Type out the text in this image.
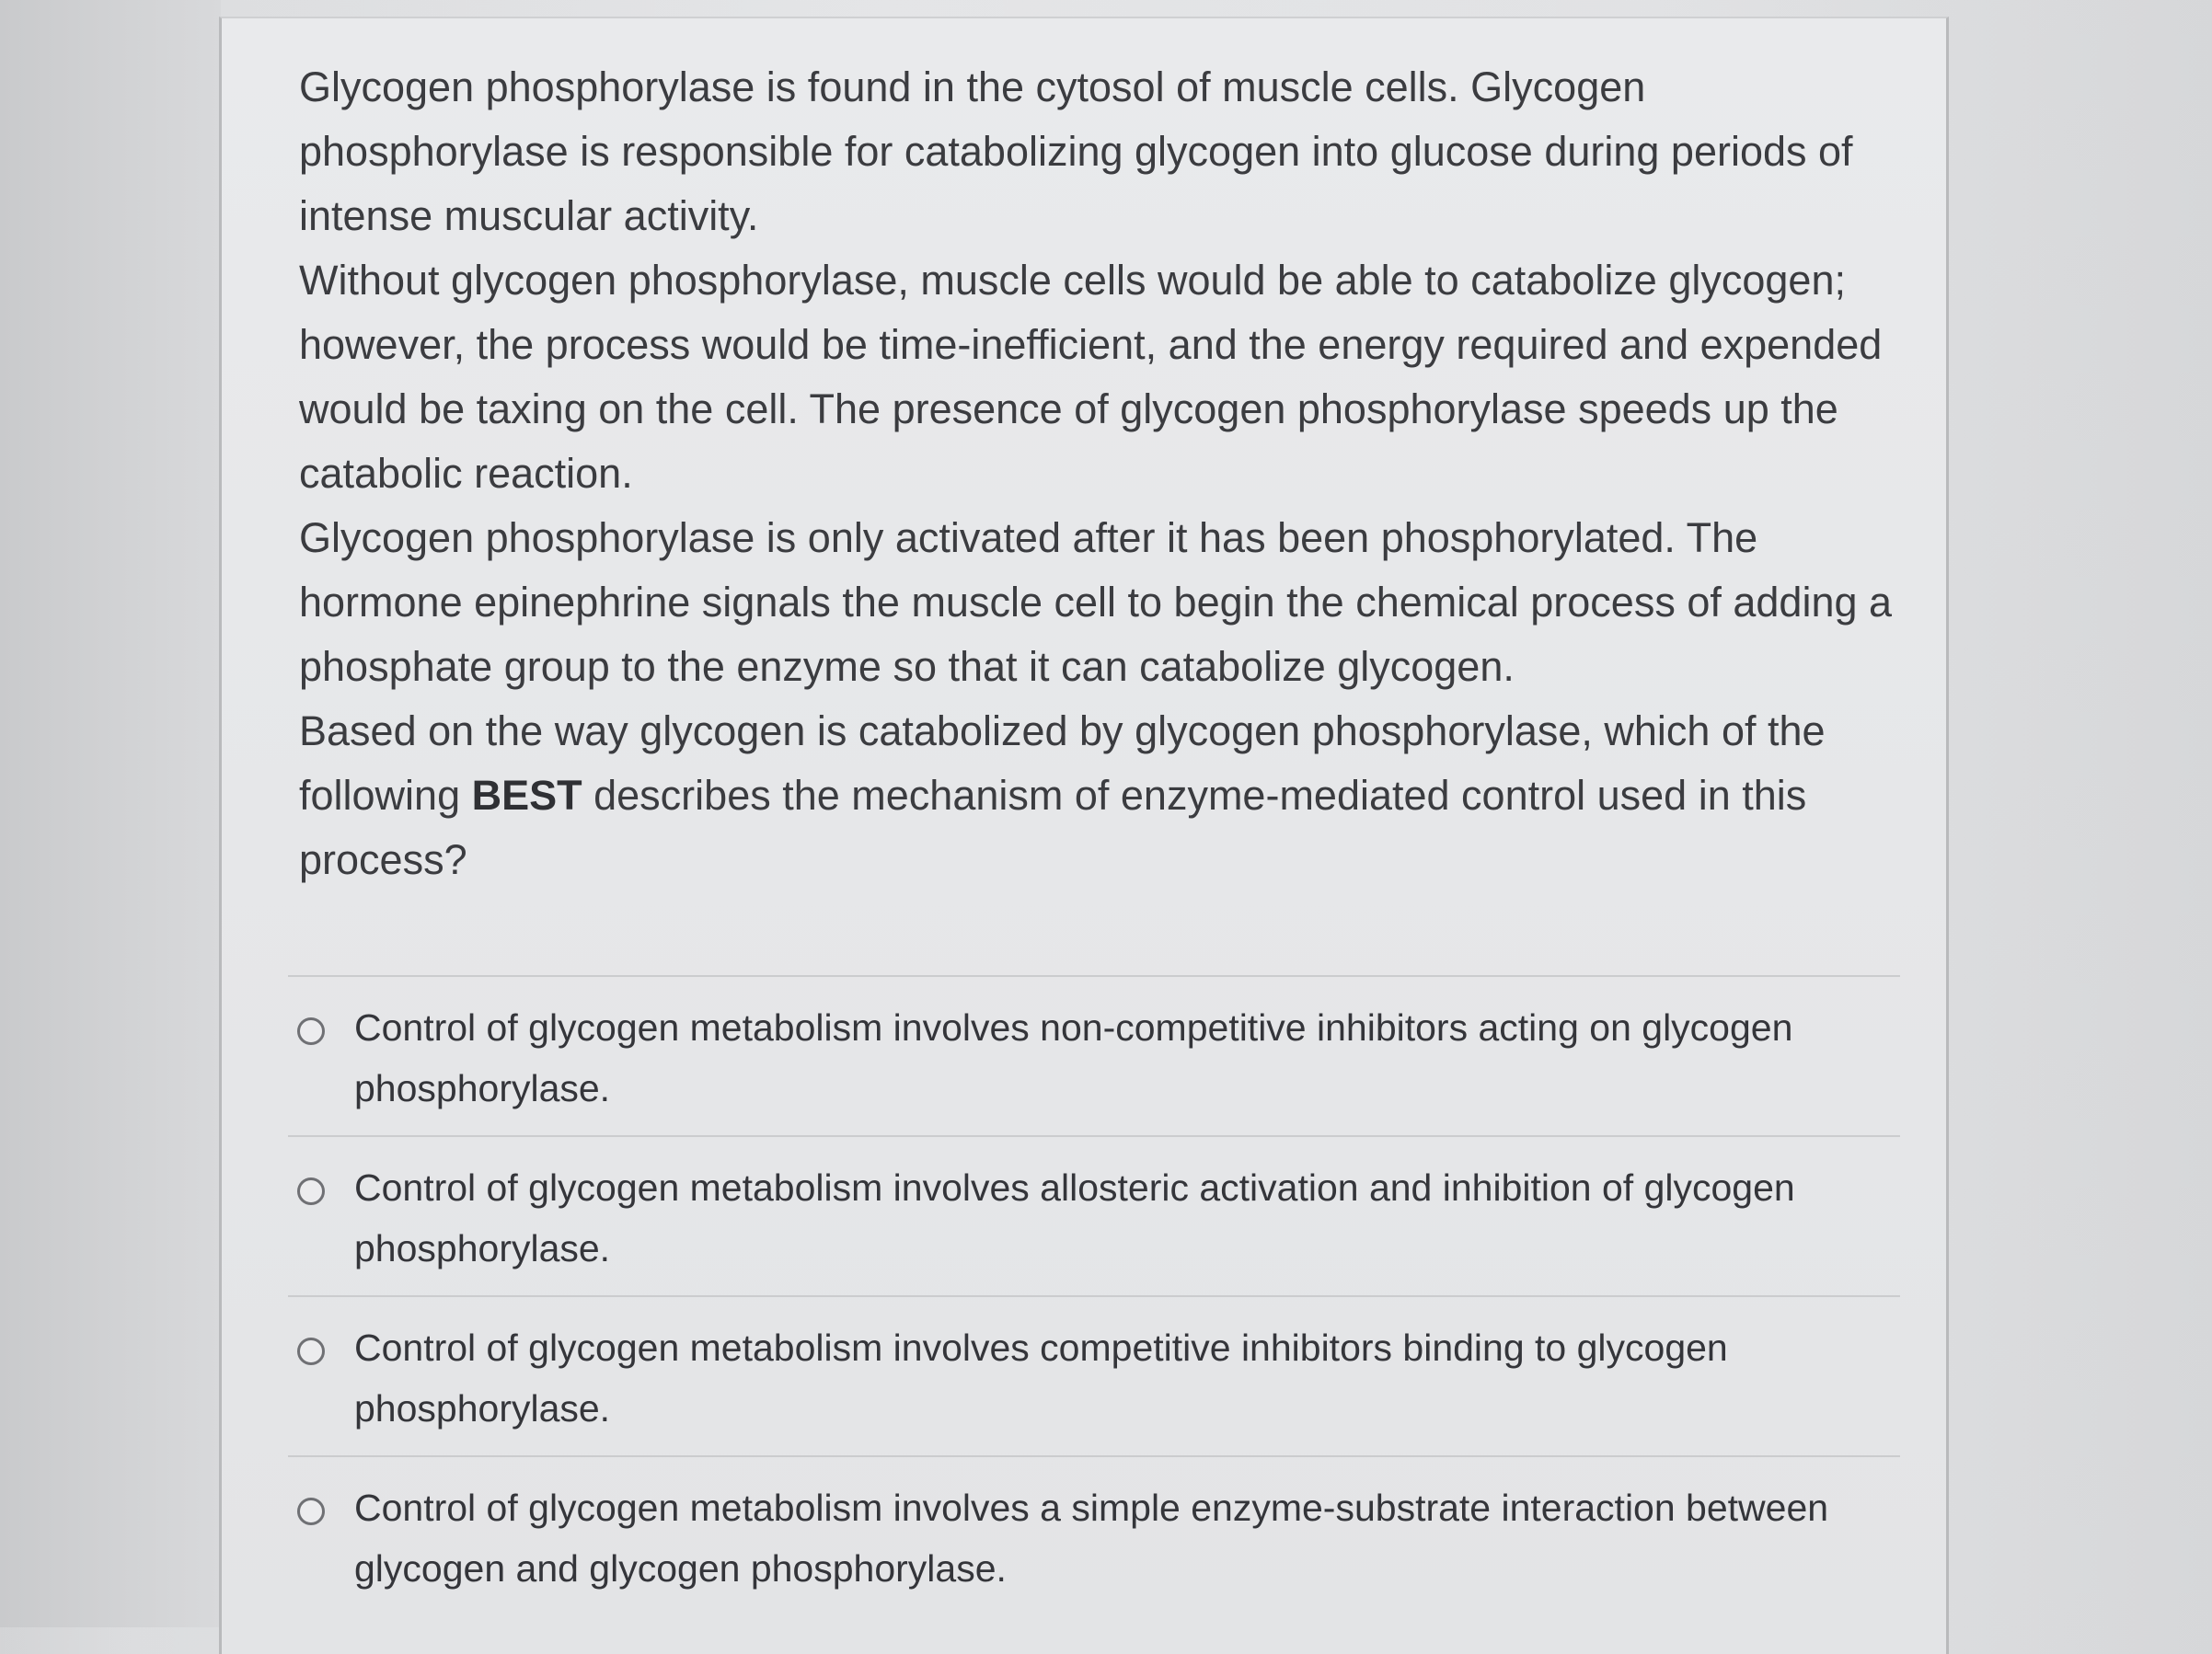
Glycogen phosphorylase is found in the cytosol of muscle cells. Glycogen phosphorylase is responsible for catabolizing glycogen into glucose during periods of intense muscular activity.

Without glycogen phosphorylase, muscle cells would be able to catabolize glycogen; however, the process would be time-inefficient, and the energy required and expended would be taxing on the cell. The presence of glycogen phosphorylase speeds up the catabolic reaction.

Glycogen phosphorylase is only activated after it has been phosphorylated. The hormone epinephrine signals the muscle cell to begin the chemical process of adding a phosphate group to the enzyme so that it can catabolize glycogen.

Based on the way glycogen is catabolized by glycogen phosphorylase, which of the following BEST describes the mechanism of enzyme-mediated control used in this process?

Control of glycogen metabolism involves non-competitive inhibitors acting on glycogen phosphorylase.
Control of glycogen metabolism involves allosteric activation and inhibition of glycogen phosphorylase.
Control of glycogen metabolism involves competitive inhibitors binding to glycogen phosphorylase.
Control of glycogen metabolism involves a simple enzyme-substrate interaction between glycogen and glycogen phosphorylase.
